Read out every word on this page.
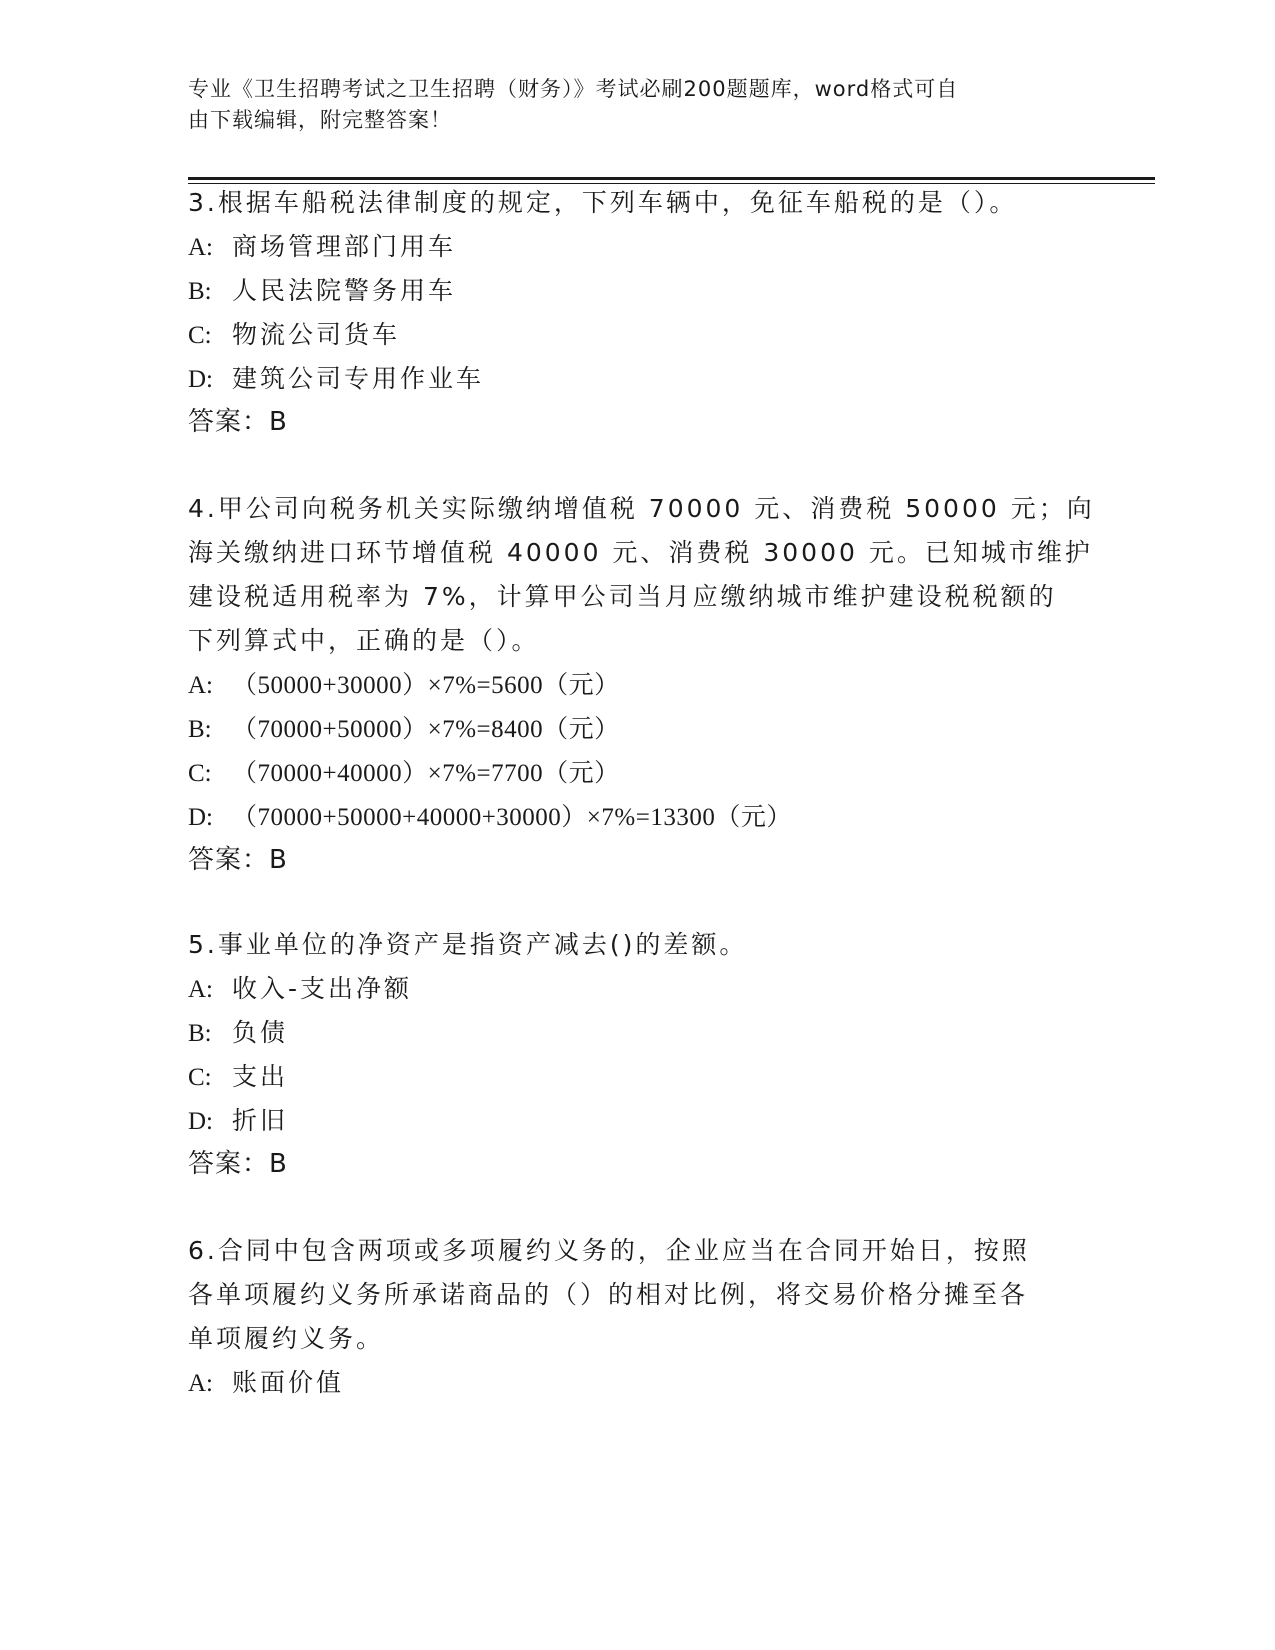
专业《卫生招聘考试之卫生招聘（财务）》考试必刷200题题库，word格式可自
由下载编辑，附完整答案！
3.根据车船税法律制度的规定，下列车辆中，免征车船税的是（）。
A: 商场管理部门用车
B: 人民法院警务用车
C: 物流公司货车
D: 建筑公司专用作业车
答案：B
4.甲公司向税务机关实际缴纳增值税 70000 元、消费税 50000 元；向
海关缴纳进口环节增值税 40000 元、消费税 30000 元。已知城市维护
建设税适用税率为 7%，计算甲公司当月应缴纳城市维护建设税税额的
下列算式中，正确的是（）。
A: （50000+30000）×7%=5600（元）
B: （70000+50000）×7%=8400（元）
C: （70000+40000）×7%=7700（元）
D: （70000+50000+40000+30000）×7%=13300（元）
答案：B
5.事业单位的净资产是指资产减去()的差额。
A: 收入-支出净额
B: 负债
C: 支出
D: 折旧
答案：B
6.合同中包含两项或多项履约义务的，企业应当在合同开始日，按照
各单项履约义务所承诺商品的（）的相对比例，将交易价格分摊至各
单项履约义务。
A: 账面价值
